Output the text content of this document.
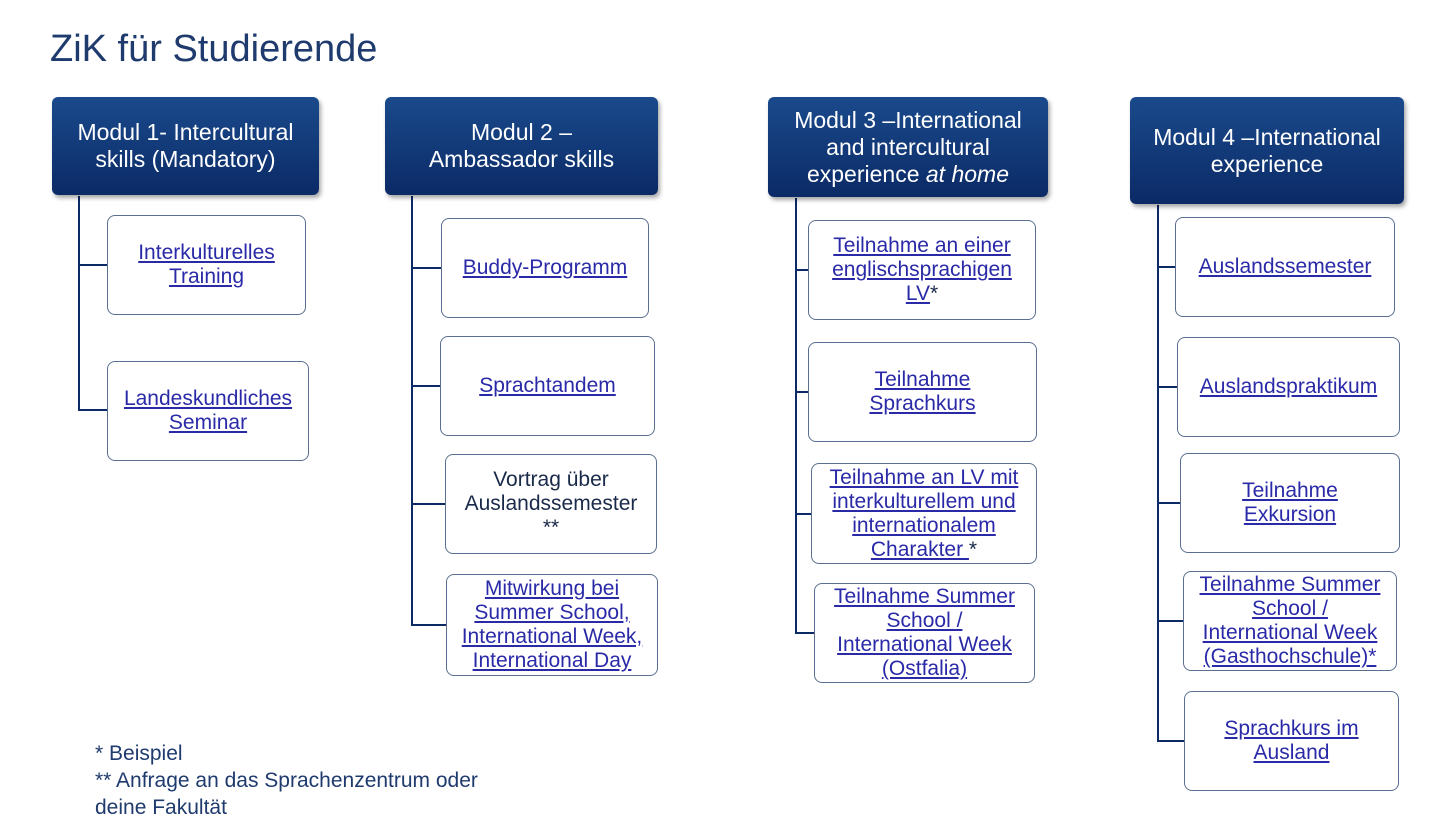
ZiK für Studierende
Modul 1- Intercultural
skills (Mandatory)
Interkulturelles
Training
Landeskundliches
Seminar
Modul 2 –
Ambassador skills
Buddy-Programm
Sprachtandem
Vortrag über
Auslandssemester
**
Mitwirkung bei
Summer School,
International Week,
International Day
Modul 3 –International
and intercultural
experience at home
Teilnahme an einer
englischsprachigen
LV*
Teilnahme
Sprachkurs
Teilnahme an LV mit
interkulturellem und
internationalem
Charakter *
Teilnahme Summer
School /
International Week
(Ostfalia)
Modul 4 –International
experience
Auslandssemester
Auslandspraktikum
Teilnahme
Exkursion
Teilnahme Summer
School /
International Week
(Gasthochschule)*
Sprachkurs im
Ausland
* Beispiel
** Anfrage an das Sprachenzentrum oder
deine Fakultät
